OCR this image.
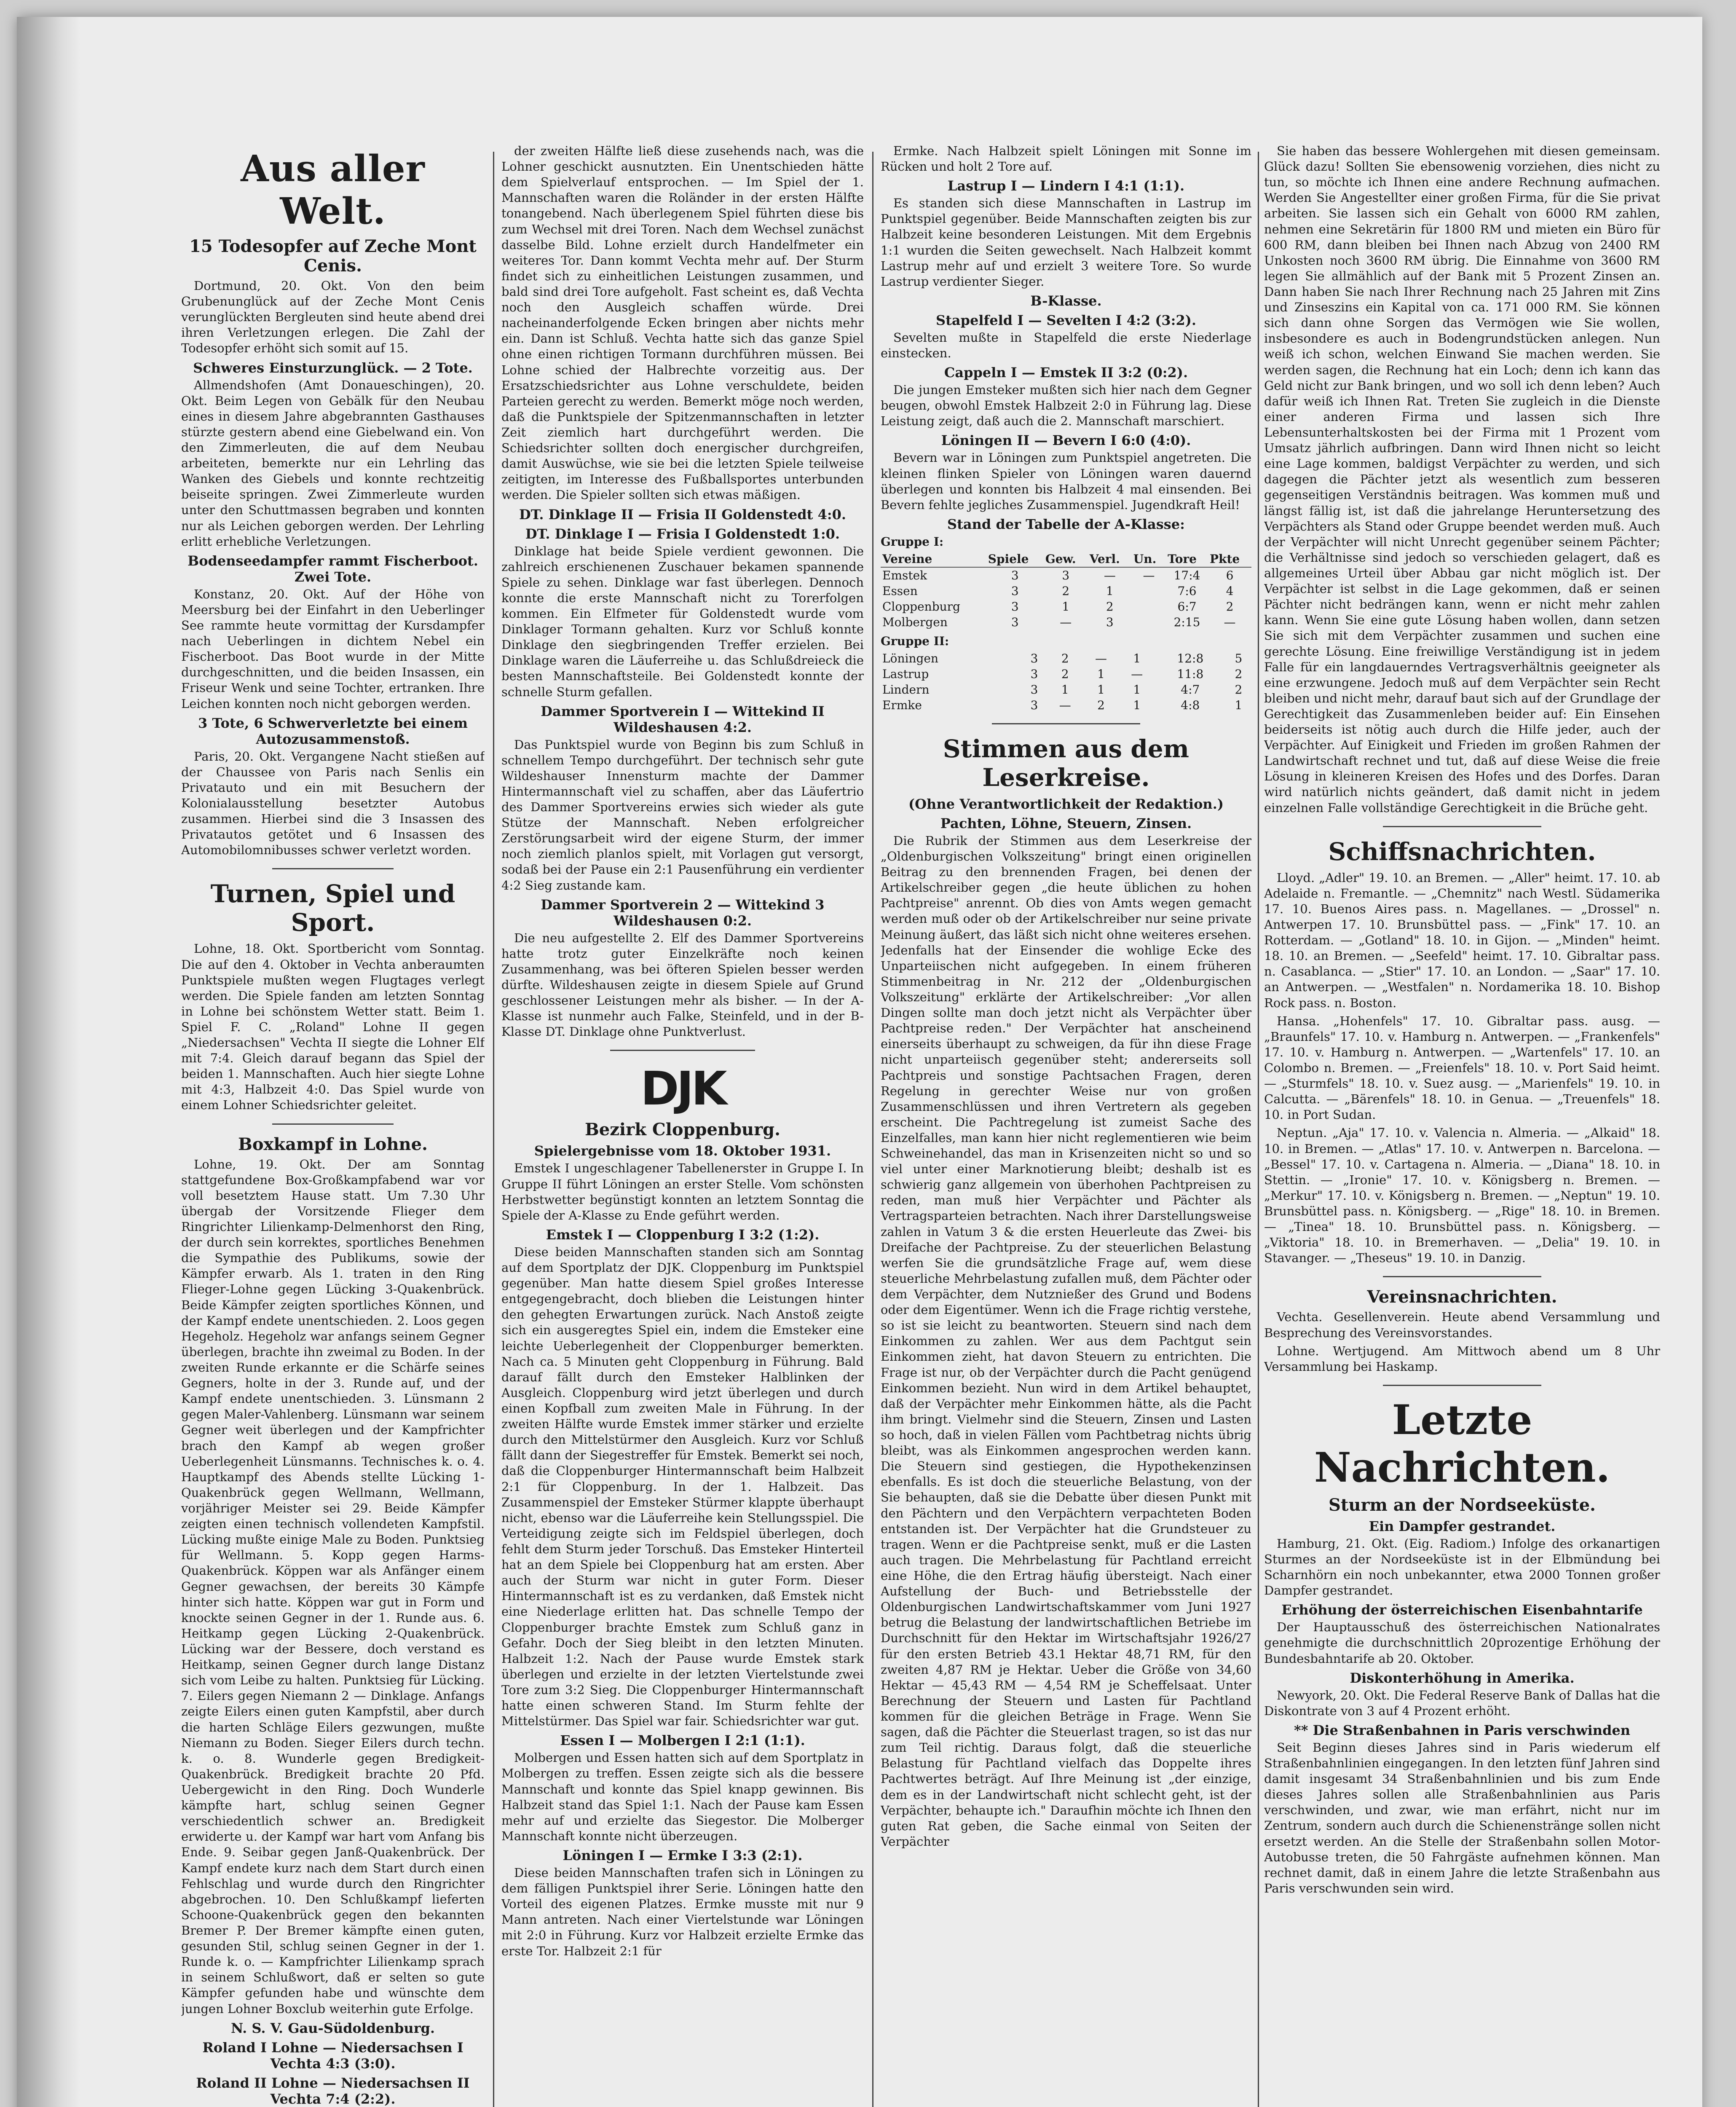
Aus aller Welt.
15 Todesopfer auf Zeche Mont Cenis.

Dortmund, 20. Okt. Von den beim Grubenunglück auf der Zeche Mont Cenis verunglückten Bergleuten sind heute abend drei ihren Verletzungen erlegen. Die Zahl der Todesopfer erhöht sich somit auf 15.

Schweres Einsturzunglück. — 2 Tote.

Allmendshofen (Amt Donaueschingen), 20. Okt. Beim Legen von Gebälk für den Neubau eines in diesem Jahre abgebrannten Gasthauses stürzte gestern abend eine Giebelwand ein. Von den Zimmerleuten, die auf dem Neubau arbeiteten, bemerkte nur ein Lehrling das Wanken des Giebels und konnte rechtzeitig beiseite springen. Zwei Zimmerleute wurden unter den Schuttmassen begraben und konnten nur als Leichen geborgen werden. Der Lehrling erlitt erhebliche Verletzungen.

Bodenseedampfer rammt Fischerboot. Zwei Tote.

Konstanz, 20. Okt. Auf der Höhe von Meersburg bei der Einfahrt in den Ueberlinger See rammte heute vormittag der Kursdampfer nach Ueberlingen in dichtem Nebel ein Fischerboot. Das Boot wurde in der Mitte durchgeschnitten, und die beiden Insassen, ein Friseur Wenk und seine Tochter, ertranken. Ihre Leichen konnten noch nicht geborgen werden.

3 Tote, 6 Schwerverletzte bei einem Autozusammenstoß.

Paris, 20. Okt. Vergangene Nacht stießen auf der Chaussee von Paris nach Senlis ein Privatauto und ein mit Besuchern der Kolonialausstellung besetzter Autobus zusammen. Hierbei sind die 3 Insassen des Privatautos getötet und 6 Insassen des Automobilomnibusses schwer verletzt worden.

Turnen, Spiel und Sport.

Lohne, 18. Okt. Sportbericht vom Sonntag. Die auf den 4. Oktober in Vechta anberaumten Punktspiele mußten wegen Flugtages verlegt werden. Die Spiele fanden am letzten Sonntag in Lohne bei schönstem Wetter statt. Beim 1. Spiel F. C. „Roland" Lohne II gegen „Niedersachsen" Vechta II siegte die Lohner Elf mit 7:4. Gleich darauf begann das Spiel der beiden 1. Mannschaften. Auch hier siegte Lohne mit 4:3, Halbzeit 4:0. Das Spiel wurde von einem Lohner Schiedsrichter geleitet.

Boxkampf in Lohne.

Lohne, 19. Okt. Der am Sonntag stattgefundene Box-Großkampfabend war vor voll besetztem Hause statt. Um 7.30 Uhr übergab der Vorsitzende Flieger dem Ringrichter Lilienkamp-Delmenhorst den Ring, der durch sein korrektes, sportliches Benehmen die Sympathie des Publikums, sowie der Kämpfer erwarb. Als 1. traten in den Ring Flieger-Lohne gegen Lücking 3-Quakenbrück. Beide Kämpfer zeigten sportliches Können, und der Kampf endete unentschieden. 2. Loos gegen Hegeholz. Hegeholz war anfangs seinem Gegner überlegen, brachte ihn zweimal zu Boden. In der zweiten Runde erkannte er die Schärfe seines Gegners, holte in der 3. Runde auf, und der Kampf endete unentschieden. 3. Lünsmann 2 gegen Maler-Vahlenberg. Lünsmann war seinem Gegner weit überlegen und der Kampfrichter brach den Kampf ab wegen großer Ueberlegenheit Lünsmanns. Technisches k. o. 4. Hauptkampf des Abends stellte Lücking 1-Quakenbrück gegen Wellmann, Wellmann, vorjähriger Meister sei 29. Beide Kämpfer zeigten einen technisch vollendeten Kampfstil. Lücking mußte einige Male zu Boden. Punktsieg für Wellmann. 5. Kopp gegen Harms-Quakenbrück. Köppen war als Anfänger einem Gegner gewachsen, der bereits 30 Kämpfe hinter sich hatte. Köppen war gut in Form und knockte seinen Gegner in der 1. Runde aus. 6. Heitkamp gegen Lücking 2-Quakenbrück. Lücking war der Bessere, doch verstand es Heitkamp, seinen Gegner durch lange Distanz sich vom Leibe zu halten. Punktsieg für Lücking. 7. Eilers gegen Niemann 2 — Dinklage. Anfangs zeigte Eilers einen guten Kampfstil, aber durch die harten Schläge Eilers gezwungen, mußte Niemann zu Boden. Sieger Eilers durch techn. k. o. 8. Wunderle gegen Bredigkeit-Quakenbrück. Bredigkeit brachte 20 Pfd. Uebergewicht in den Ring. Doch Wunderle kämpfte hart, schlug seinen Gegner verschiedentlich schwer an. Bredigkeit erwiderte u. der Kampf war hart vom Anfang bis Ende. 9. Seibar gegen Janß-Quakenbrück. Der Kampf endete kurz nach dem Start durch einen Fehlschlag und wurde durch den Ringrichter abgebrochen. 10. Den Schlußkampf lieferten Schoone-Quakenbrück gegen den bekannten Bremer P. Der Bremer kämpfte einen guten, gesunden Stil, schlug seinen Gegner in der 1. Runde k. o. — Kampfrichter Lilienkamp sprach in seinem Schlußwort, daß er selten so gute Kämpfer gefunden habe und wünschte dem jungen Lohner Boxclub weiterhin gute Erfolge.

N. S. V. Gau-Südoldenburg.
Roland I Lohne — Niedersachsen I Vechta 4:3 (3:0).
Roland II Lohne — Niedersachsen II Vechta 7:4 (2:2).

der zweiten Hälfte ließ diese zusehends nach, was die Lohner geschickt ausnutzten. Ein Unentschieden hätte dem Spielverlauf entsprochen. — Im Spiel der 1. Mannschaften waren die Roländer in der ersten Hälfte tonangebend. Nach überlegenem Spiel führten diese bis zum Wechsel mit drei Toren. Nach dem Wechsel zunächst dasselbe Bild. Lohne erzielt durch Handelfmeter ein weiteres Tor. Dann kommt Vechta mehr auf. Der Sturm findet sich zu einheitlichen Leistungen zusammen, und bald sind drei Tore aufgeholt. Fast scheint es, daß Vechta noch den Ausgleich schaffen würde. Drei nacheinanderfolgende Ecken bringen aber nichts mehr ein. Dann ist Schluß. Vechta hatte sich das ganze Spiel ohne einen richtigen Tormann durchführen müssen. Bei Lohne schied der Halbrechte vorzeitig aus. Der Ersatzschiedsrichter aus Lohne verschuldete, beiden Parteien gerecht zu werden. Bemerkt möge noch werden, daß die Punktspiele der Spitzenmannschaften in letzter Zeit ziemlich hart durchgeführt werden. Die Schiedsrichter sollten doch energischer durchgreifen, damit Auswüchse, wie sie bei die letzten Spiele teilweise zeitigten, im Interesse des Fußballsportes unterbunden werden. Die Spieler sollten sich etwas mäßigen.

DT. Dinklage II — Frisia II Goldenstedt 4:0.
DT. Dinklage I — Frisia I Goldenstedt 1:0.

Dinklage hat beide Spiele verdient gewonnen. Die zahlreich erschienenen Zuschauer bekamen spannende Spiele zu sehen. Dinklage war fast überlegen. Dennoch konnte die erste Mannschaft nicht zu Torerfolgen kommen. Ein Elfmeter für Goldenstedt wurde vom Dinklager Tormann gehalten. Kurz vor Schluß konnte Dinklage den siegbringenden Treffer erzielen. Bei Dinklage waren die Läuferreihe u. das Schlußdreieck die besten Mannschaftsteile. Bei Goldenstedt konnte der schnelle Sturm gefallen.

Dammer Sportverein I — Wittekind II Wildeshausen 4:2.

Das Punktspiel wurde von Beginn bis zum Schluß in schnellem Tempo durchgeführt. Der technisch sehr gute Wildeshauser Innensturm machte der Dammer Hintermannschaft viel zu schaffen, aber das Läufertrio des Dammer Sportvereins erwies sich wieder als gute Stütze der Mannschaft. Neben erfolgreicher Zerstörungsarbeit wird der eigene Sturm, der immer noch ziemlich planlos spielt, mit Vorlagen gut versorgt, sodaß bei der Pause ein 2:1 Pausenführung ein verdienter 4:2 Sieg zustande kam.

Dammer Sportverein 2 — Wittekind 3 Wildeshausen 0:2.

Die neu aufgestellte 2. Elf des Dammer Sportvereins hatte trotz guter Einzelkräfte noch keinen Zusammenhang, was bei öfteren Spielen besser werden dürfte. Wildeshausen zeigte in diesem Spiele auf Grund geschlossener Leistungen mehr als bisher. — In der A-Klasse ist nunmehr auch Falke, Steinfeld, und in der B-Klasse DT. Dinklage ohne Punktverlust.

DJK
Bezirk Cloppenburg.
Spielergebnisse vom 18. Oktober 1931.

Emstek I ungeschlagener Tabellenerster in Gruppe I. In Gruppe II führt Löningen an erster Stelle. Vom schönsten Herbstwetter begünstigt konnten an letztem Sonntag die Spiele der A-Klasse zu Ende geführt werden.

Emstek I — Cloppenburg I 3:2 (1:2).

Diese beiden Mannschaften standen sich am Sonntag auf dem Sportplatz der DJK. Cloppenburg im Punktspiel gegenüber. Man hatte diesem Spiel großes Interesse entgegengebracht, doch blieben die Leistungen hinter den gehegten Erwartungen zurück. Nach Anstoß zeigte sich ein ausgeregtes Spiel ein, indem die Emsteker eine leichte Ueberlegenheit der Cloppenburger bemerkten. Nach ca. 5 Minuten geht Cloppenburg in Führung. Bald darauf fällt durch den Emsteker Halblinken der Ausgleich. Cloppenburg wird jetzt überlegen und durch einen Kopfball zum zweiten Male in Führung. In der zweiten Hälfte wurde Emstek immer stärker und erzielte durch den Mittelstürmer den Ausgleich. Kurz vor Schluß fällt dann der Siegestreffer für Emstek. Bemerkt sei noch, daß die Cloppenburger Hintermannschaft beim Halbzeit 2:1 für Cloppenburg. In der 1. Halbzeit. Das Zusammenspiel der Emsteker Stürmer klappte überhaupt nicht, ebenso war die Läuferreihe kein Stellungsspiel. Die Verteidigung zeigte sich im Feldspiel überlegen, doch fehlt dem Sturm jeder Torschuß. Das Emsteker Hinterteil hat an dem Spiele bei Cloppenburg hat am ersten. Aber auch der Sturm war nicht in guter Form. Dieser Hintermannschaft ist es zu verdanken, daß Emstek nicht eine Niederlage erlitten hat. Das schnelle Tempo der Cloppenburger brachte Emstek zum Schluß ganz in Gefahr. Doch der Sieg bleibt in den letzten Minuten. Halbzeit 1:2. Nach der Pause wurde Emstek stark überlegen und erzielte in der letzten Viertelstunde zwei Tore zum 3:2 Sieg. Die Cloppenburger Hintermannschaft hatte einen schweren Stand. Im Sturm fehlte der Mittelstürmer. Das Spiel war fair. Schiedsrichter war gut.

Essen I — Molbergen I 2:1 (1:1).

Molbergen und Essen hatten sich auf dem Sportplatz in Molbergen zu treffen. Essen zeigte sich als die bessere Mannschaft und konnte das Spiel knapp gewinnen. Bis Halbzeit stand das Spiel 1:1. Nach der Pause kam Essen mehr auf und erzielte das Siegestor. Die Molberger Mannschaft konnte nicht überzeugen.

Löningen I — Ermke I 3:3 (2:1).

Diese beiden Mannschaften trafen sich in Löningen zu dem fälligen Punktspiel ihrer Serie. Löningen hatte den Vorteil des eigenen Platzes. Ermke musste mit nur 9 Mann antreten. Nach einer Viertelstunde war Löningen mit 2:0 in Führung. Kurz vor Halbzeit erzielte Ermke das erste Tor. Halbzeit 2:1 für

Ermke. Nach Halbzeit spielt Löningen mit Sonne im Rücken und holt 2 Tore auf.

Lastrup I — Lindern I 4:1 (1:1).

Es standen sich diese Mannschaften in Lastrup im Punktspiel gegenüber. Beide Mannschaften zeigten bis zur Halbzeit keine besonderen Leistungen. Mit dem Ergebnis 1:1 wurden die Seiten gewechselt. Nach Halbzeit kommt Lastrup mehr auf und erzielt 3 weitere Tore. So wurde Lastrup verdienter Sieger.

B-Klasse.
Stapelfeld I — Sevelten I 4:2 (3:2).

Sevelten mußte in Stapelfeld die erste Niederlage einstecken.

Cappeln I — Emstek II 3:2 (0:2).

Die jungen Emsteker mußten sich hier nach dem Gegner beugen, obwohl Emstek Halbzeit 2:0 in Führung lag. Diese Leistung zeigt, daß auch die 2. Mannschaft marschiert.

Löningen II — Bevern I 6:0 (4:0).

Bevern war in Löningen zum Punktspiel angetreten. Die kleinen flinken Spieler von Löningen waren dauernd überlegen und konnten bis Halbzeit 4 mal einsenden. Bei Bevern fehlte jegliches Zusammenspiel. Jugendkraft Heil!

Stand der Tabelle der A-Klasse:
Gruppe I:
Vereine	Spiele	Gew.	Verl.	Un.	Tore	Pkte
Emstek	3	3	—	—	17:4	6
Essen	3	2	1		7:6	4
Cloppenburg	3	1	2		6:7	2
Molbergen	3	—	3		2:15	—
Gruppe II:
Löningen	3	2	—	1	12:8	5
Lastrup	3	2	1	—	11:8	2
Lindern	3	1	1	1	4:7	2
Ermke	3	—	2	1	4:8	1
Stimmen aus dem Leserkreise.
(Ohne Verantwortlichkeit der Redaktion.)
Pachten, Löhne, Steuern, Zinsen.

Die Rubrik der Stimmen aus dem Leserkreise der „Oldenburgischen Volkszeitung" bringt einen originellen Beitrag zu den brennenden Fragen, bei denen der Artikelschreiber gegen „die heute üblichen zu hohen Pachtpreise" anrennt. Ob dies von Amts wegen gemacht werden muß oder ob der Artikelschreiber nur seine private Meinung äußert, das läßt sich nicht ohne weiteres ersehen. Jedenfalls hat der Einsender die wohlige Ecke des Unparteiischen nicht aufgegeben. In einem früheren Stimmenbeitrag in Nr. 212 der „Oldenburgischen Volkszeitung" erklärte der Artikelschreiber: „Vor allen Dingen sollte man doch jetzt nicht als Verpächter über Pachtpreise reden." Der Verpächter hat anscheinend einerseits überhaupt zu schweigen, da für ihn diese Frage nicht unparteiisch gegenüber steht; andererseits soll Pachtpreis und sonstige Pachtsachen Fragen, deren Regelung in gerechter Weise nur von großen Zusammenschlüssen und ihren Vertretern als gegeben erscheint. Die Pachtregelung ist zumeist Sache des Einzelfalles, man kann hier nicht reglementieren wie beim Schweinehandel, das man in Krisenzeiten nicht so und so viel unter einer Marknotierung bleibt; deshalb ist es schwierig ganz allgemein von überhohen Pachtpreisen zu reden, man muß hier Verpächter und Pächter als Vertragsparteien betrachten. Nach ihrer Darstellungsweise zahlen in Vatum 3 & die ersten Heuerleute das Zwei- bis Dreifache der Pachtpreise. Zu der steuerlichen Belastung werfen Sie die grundsätzliche Frage auf, wem diese steuerliche Mehrbelastung zufallen muß, dem Pächter oder dem Verpächter, dem Nutznießer des Grund und Bodens oder dem Eigentümer. Wenn ich die Frage richtig verstehe, so ist sie leicht zu beantworten. Steuern sind nach dem Einkommen zu zahlen. Wer aus dem Pachtgut sein Einkommen zieht, hat davon Steuern zu entrichten. Die Frage ist nur, ob der Verpächter durch die Pacht genügend Einkommen bezieht. Nun wird in dem Artikel behauptet, daß der Verpächter mehr Einkommen hätte, als die Pacht ihm bringt. Vielmehr sind die Steuern, Zinsen und Lasten so hoch, daß in vielen Fällen vom Pachtbetrag nichts übrig bleibt, was als Einkommen angesprochen werden kann. Die Steuern sind gestiegen, die Hypothekenzinsen ebenfalls. Es ist doch die steuerliche Belastung, von der Sie behaupten, daß sie die Debatte über diesen Punkt mit den Pächtern und den Verpächtern verpachteten Boden entstanden ist. Der Verpächter hat die Grundsteuer zu tragen. Wenn er die Pachtpreise senkt, muß er die Lasten auch tragen. Die Mehrbelastung für Pachtland erreicht eine Höhe, die den Ertrag häufig übersteigt. Nach einer Aufstellung der Buch- und Betriebsstelle der Oldenburgischen Landwirtschaftskammer vom Juni 1927 betrug die Belastung der landwirtschaftlichen Betriebe im Durchschnitt für den Hektar im Wirtschaftsjahr 1926/27 für den ersten Betrieb 43.1 Hektar 48,71 RM, für den zweiten 4,87 RM je Hektar. Ueber die Größe von 34,60 Hektar — 45,43 RM — 4,54 RM je Scheffelsaat. Unter Berechnung der Steuern und Lasten für Pachtland kommen für die gleichen Beträge in Frage. Wenn Sie sagen, daß die Pächter die Steuerlast tragen, so ist das nur zum Teil richtig. Daraus folgt, daß die steuerliche Belastung für Pachtland vielfach das Doppelte ihres Pachtwertes beträgt. Auf Ihre Meinung ist „der einzige, dem es in der Landwirtschaft nicht schlecht geht, ist der Verpächter, behaupte ich." Daraufhin möchte ich Ihnen den guten Rat geben, die Sache einmal von Seiten der Verpächter

Sie haben das bessere Wohlergehen mit diesen gemeinsam. Glück dazu! Sollten Sie ebensowenig vorziehen, dies nicht zu tun, so möchte ich Ihnen eine andere Rechnung aufmachen. Werden Sie Angestellter einer großen Firma, für die Sie privat arbeiten. Sie lassen sich ein Gehalt von 6000 RM zahlen, nehmen eine Sekretärin für 1800 RM und mieten ein Büro für 600 RM, dann bleiben bei Ihnen nach Abzug von 2400 RM Unkosten noch 3600 RM übrig. Die Einnahme von 3600 RM legen Sie allmählich auf der Bank mit 5 Prozent Zinsen an. Dann haben Sie nach Ihrer Rechnung nach 25 Jahren mit Zins und Zinseszins ein Kapital von ca. 171 000 RM. Sie können sich dann ohne Sorgen das Vermögen wie Sie wollen, insbesondere es auch in Bodengrundstücken anlegen. Nun weiß ich schon, welchen Einwand Sie machen werden. Sie werden sagen, die Rechnung hat ein Loch; denn ich kann das Geld nicht zur Bank bringen, und wo soll ich denn leben? Auch dafür weiß ich Ihnen Rat. Treten Sie zugleich in die Dienste einer anderen Firma und lassen sich Ihre Lebensunterhaltskosten bei der Firma mit 1 Prozent vom Umsatz jährlich aufbringen. Dann wird Ihnen nicht so leicht eine Lage kommen, baldigst Verpächter zu werden, und sich dagegen die Pächter jetzt als wesentlich zum besseren gegenseitigen Verständnis beitragen. Was kommen muß und längst fällig ist, ist daß die jahrelange Heruntersetzung des Verpächters als Stand oder Gruppe beendet werden muß. Auch der Verpächter will nicht Unrecht gegenüber seinem Pächter; die Verhältnisse sind jedoch so verschieden gelagert, daß es allgemeines Urteil über Abbau gar nicht möglich ist. Der Verpächter ist selbst in die Lage gekommen, daß er seinen Pächter nicht bedrängen kann, wenn er nicht mehr zahlen kann. Wenn Sie eine gute Lösung haben wollen, dann setzen Sie sich mit dem Verpächter zusammen und suchen eine gerechte Lösung. Eine freiwillige Verständigung ist in jedem Falle für ein langdauerndes Vertragsverhältnis geeigneter als eine erzwungene. Jedoch muß auf dem Verpächter sein Recht bleiben und nicht mehr, darauf baut sich auf der Grundlage der Gerechtigkeit das Zusammenleben beider auf: Ein Einsehen beiderseits ist nötig auch durch die Hilfe jeder, auch der Verpächter. Auf Einigkeit und Frieden im großen Rahmen der Landwirtschaft rechnet und tut, daß auf diese Weise die freie Lösung in kleineren Kreisen des Hofes und des Dorfes. Daran wird natürlich nichts geändert, daß damit nicht in jedem einzelnen Falle vollständige Gerechtigkeit in die Brüche geht.

Schiffsnachrichten.

Lloyd. „Adler" 19. 10. an Bremen. — „Aller" heimt. 17. 10. ab Adelaide n. Fremantle. — „Chemnitz" nach Westl. Südamerika 17. 10. Buenos Aires pass. n. Magellanes. — „Drossel" n. Antwerpen 17. 10. Brunsbüttel pass. — „Fink" 17. 10. an Rotterdam. — „Gotland" 18. 10. in Gijon. — „Minden" heimt. 18. 10. an Bremen. — „Seefeld" heimt. 17. 10. Gibraltar pass. n. Casablanca. — „Stier" 17. 10. an London. — „Saar" 17. 10. an Antwerpen. — „Westfalen" n. Nordamerika 18. 10. Bishop Rock pass. n. Boston.

Hansa. „Hohenfels" 17. 10. Gibraltar pass. ausg. — „Braunfels" 17. 10. v. Hamburg n. Antwerpen. — „Frankenfels" 17. 10. v. Hamburg n. Antwerpen. — „Wartenfels" 17. 10. an Colombo n. Bremen. — „Freienfels" 18. 10. v. Port Said heimt. — „Sturmfels" 18. 10. v. Suez ausg. — „Marienfels" 19. 10. in Calcutta. — „Bärenfels" 18. 10. in Genua. — „Treuenfels" 18. 10. in Port Sudan.

Neptun. „Aja" 17. 10. v. Valencia n. Almeria. — „Alkaid" 18. 10. in Bremen. — „Atlas" 17. 10. v. Antwerpen n. Barcelona. — „Bessel" 17. 10. v. Cartagena n. Almeria. — „Diana" 18. 10. in Stettin. — „Ironie" 17. 10. v. Königsberg n. Bremen. — „Merkur" 17. 10. v. Königsberg n. Bremen. — „Neptun" 19. 10. Brunsbüttel pass. n. Königsberg. — „Rige" 18. 10. in Bremen. — „Tinea" 18. 10. Brunsbüttel pass. n. Königsberg. — „Viktoria" 18. 10. in Bremerhaven. — „Delia" 19. 10. in Stavanger. — „Theseus" 19. 10. in Danzig.

Vereinsnachrichten.

Vechta. Gesellenverein. Heute abend Versammlung und Besprechung des Vereinsvorstandes.

Lohne. Wertjugend. Am Mittwoch abend um 8 Uhr Versammlung bei Haskamp.

Letzte Nachrichten.
Sturm an der Nordseeküste.
Ein Dampfer gestrandet.

Hamburg, 21. Okt. (Eig. Radiom.) Infolge des orkanartigen Sturmes an der Nordseeküste ist in der Elbmündung bei Scharnhörn ein noch unbekannter, etwa 2000 Tonnen großer Dampfer gestrandet.

Erhöhung der österreichischen Eisenbahntarife

Der Hauptausschuß des österreichischen Nationalrates genehmigte die durchschnittlich 20prozentige Erhöhung der Bundesbahntarife ab 20. Oktober.

Diskonterhöhung in Amerika.

Newyork, 20. Okt. Die Federal Reserve Bank of Dallas hat die Diskontrate von 3 auf 4 Prozent erhöht.

** Die Straßenbahnen in Paris verschwinden

Seit Beginn dieses Jahres sind in Paris wiederum elf Straßenbahnlinien eingegangen. In den letzten fünf Jahren sind damit insgesamt 34 Straßenbahnlinien und bis zum Ende dieses Jahres sollen alle Straßenbahnlinien aus Paris verschwinden, und zwar, wie man erfährt, nicht nur im Zentrum, sondern auch durch die Schienenstränge sollen nicht ersetzt werden. An die Stelle der Straßenbahn sollen Motor-Autobusse treten, die 50 Fahrgäste aufnehmen können. Man rechnet damit, daß in einem Jahre die letzte Straßenbahn aus Paris verschwunden sein wird.
